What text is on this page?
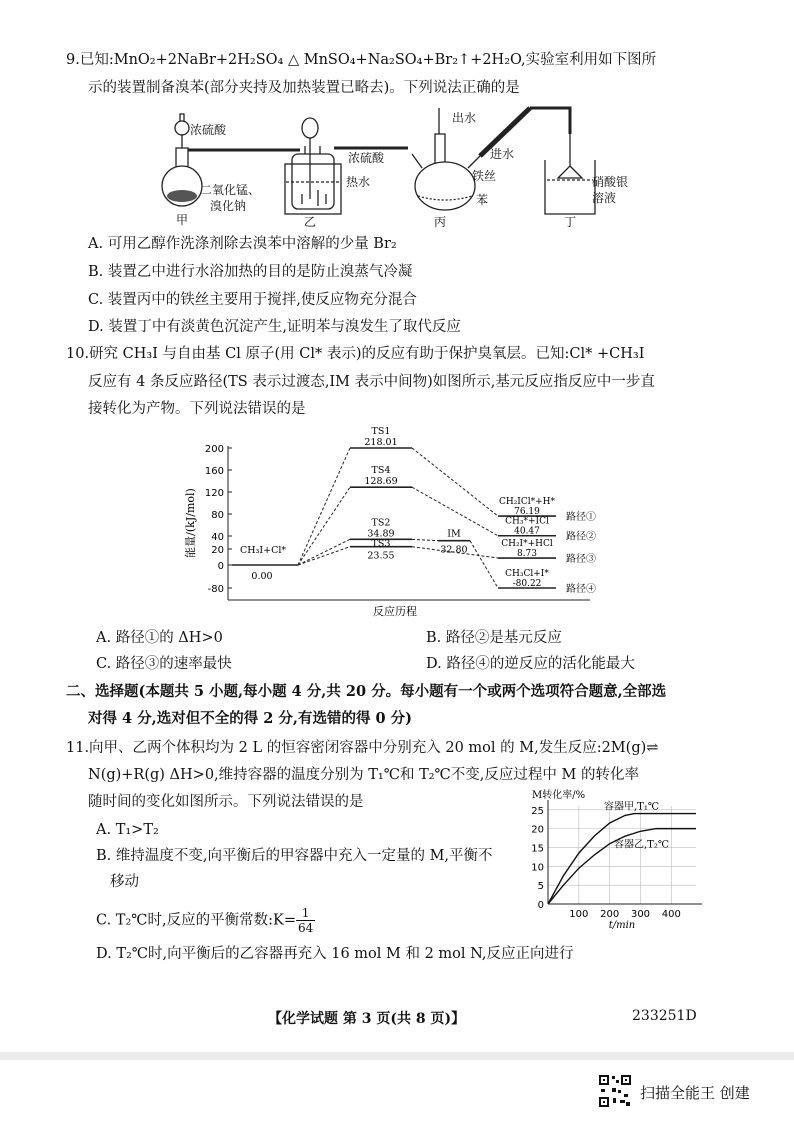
9.已知:MnO₂+2NaBr+2H₂SO₄ △ MnSO₄+Na₂SO₄+Br₂↑+2H₂O,实验室利用如下图所
示的装置制备溴苯(部分夹持及加热装置已略去)。下列说法正确的是
浓硫酸
二氧化锰、
溴化钠
浓硫酸
热水
出水
进水
铁丝
苯
硝酸银
溶液
甲	乙	丙	丁
A. 可用乙醇作洗涤剂除去溴苯中溶解的少量 Br₂
B. 装置乙中进行水浴加热的目的是防止溴蒸气冷凝
C. 装置丙中的铁丝主要用于搅拌,使反应物充分混合
D. 装置丁中有淡黄色沉淀产生,证明苯与溴发生了取代反应
10.研究 CH₃I 与自由基 Cl 原子(用 Cl* 表示)的反应有助于保护臭氧层。已知:Cl* +CH₃I
反应有 4 条反应路径(TS 表示过渡态,IM 表示中间物)如图所示,基元反应指反应中一步直
接转化为产物。下列说法错误的是
200
160
120
80
40
20
0
-80
能量/(kJ/mol)
反应历程
CH₃I+Cl*
0.00
TS1
218.01
TS4
128.69
TS2
34.89
TS3
23.55
IM
32.80
CH₂ICl*+H*
76.19
路径①
CH₃*+ICl
40.47	路径②
CH₂I*+HCl
8.73	路径③
CH₃Cl+I*
-80.22 路径④
A. 路径①的 ΔH>0	B. 路径②是基元反应
C. 路径③的速率最快	D. 路径④的逆反应的活化能最大
二、选择题(本题共 5 小题,每小题 4 分,共 20 分。每小题有一个或两个选项符合题意,全部选
对得 4 分,选对但不全的得 2 分,有选错的得 0 分)
11.向甲、乙两个体积均为 2 L 的恒容密闭容器中分别充入 20 mol 的 M,发生反应:2M(g)⇌
N(g)+R(g) ΔH>0,维持容器的温度分别为 T₁℃和 T₂℃不变,反应过程中 M 的转化率
随时间的变化如图所示。下列说法错误的是
A. T₁>T₂
B. 维持温度不变,向平衡后的甲容器中充入一定量的 M,平衡不
移动
C. T₂℃时,反应的平衡常数:K= $\frac{1}{64}$
D. T₂℃时,向平衡后的乙容器再充入 16 mol M 和 2 mol N,反应正向进行
0
5
10
15
20
25
100 200 300 400
M转化率/%
t/min
容器甲,T₁℃
容器乙,T₂℃
【化学试题 第 3 页(共 8 页)】	233251D
扫描全能王 创建
